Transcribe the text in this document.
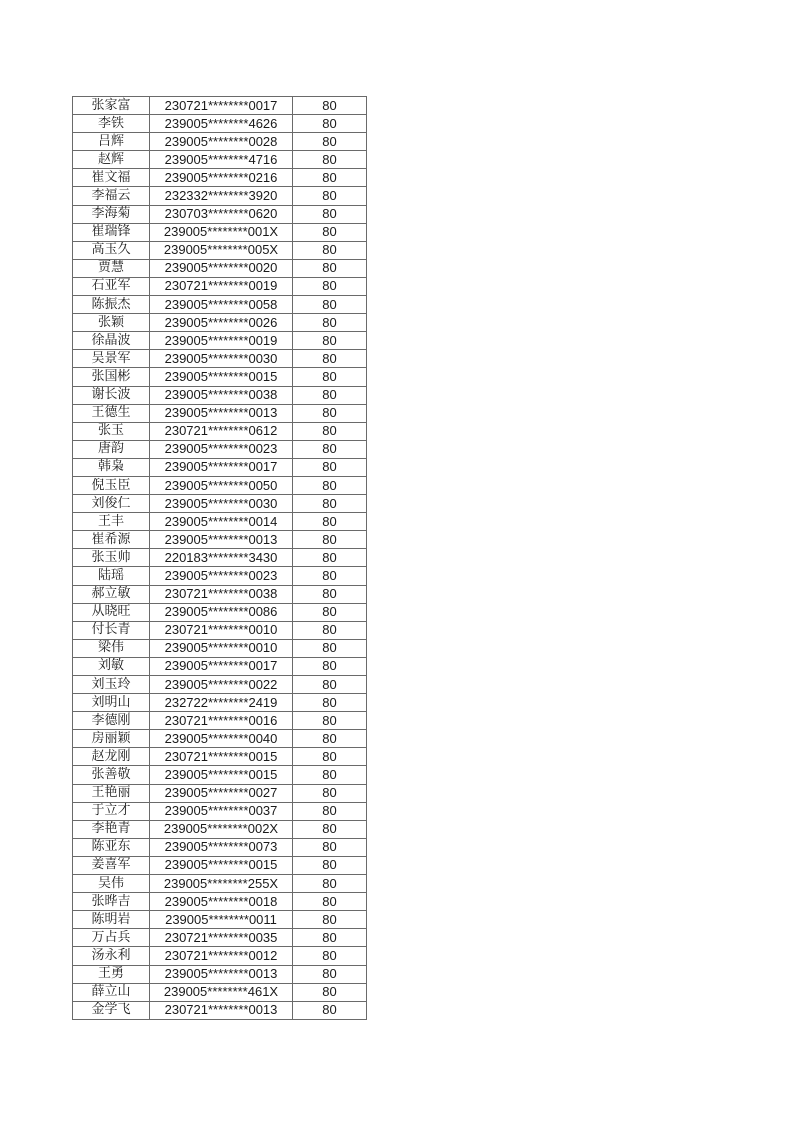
张家富	230721********0017	80
李铁	239005********4626	80
吕辉	239005********0028	80
赵辉	239005********4716	80
崔文福	239005********0216	80
李福云	232332********3920	80
李海菊	230703********0620	80
崔瑞锋	239005********001X	80
高玉久	239005********005X	80
贾慧	239005********0020	80
石亚军	230721********0019	80
陈振杰	239005********0058	80
张颖	239005********0026	80
徐晶波	239005********0019	80
吴景军	239005********0030	80
张国彬	239005********0015	80
谢长波	239005********0038	80
王德生	239005********0013	80
张玉	230721********0612	80
唐韵	239005********0023	80
韩枭	239005********0017	80
倪玉臣	239005********0050	80
刘俊仁	239005********0030	80
王丰	239005********0014	80
崔希源	239005********0013	80
张玉帅	220183********3430	80
陆瑶	239005********0023	80
郝立敏	230721********0038	80
从晓旺	239005********0086	80
付长青	230721********0010	80
梁伟	239005********0010	80
刘敏	239005********0017	80
刘玉玲	239005********0022	80
刘明山	232722********2419	80
李德刚	230721********0016	80
房丽颖	239005********0040	80
赵龙刚	230721********0015	80
张善敬	239005********0015	80
王艳丽	239005********0027	80
于立才	239005********0037	80
李艳青	239005********002X	80
陈亚东	239005********0073	80
姜喜军	239005********0015	80
吴伟	239005********255X	80
张晔吉	239005********0018	80
陈明岩	239005********0011	80
万占兵	230721********0035	80
汤永利	230721********0012	80
王勇	239005********0013	80
薛立山	239005********461X	80
金学飞	230721********0013	80
